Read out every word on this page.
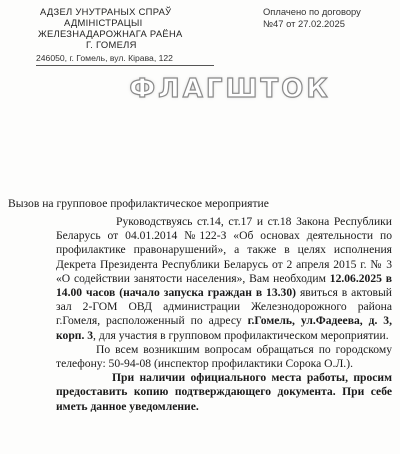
АДЗЕЛ УНУТРАНЫХ СПРАЎ
АДМІНІСТРАЦЫІ
ЖЕЛЕЗНАДАРОЖНАГА РАЁНА
Г. ГОМЕЛЯ
246050, г. Гомель, вул. Кірава, 122
Оплачено по договору
№47 от 27.02.2025
ФЛАГШТОК
Вызов на групповое профилактическое мероприятие

Руководствуясь ст.14, ст.17 и ст.18 Закона Республики Беларусь от 04.01.2014 №122-З «Об основах деятельности по профилактике правонарушений», а также в целях исполнения Декрета Президента Республики Беларусь от 2 апреля 2015 г. № 3 «О содействии занятости населения», Вам необходим 12.06.2025 в 14.00 часов (начало запуска граждан в 13.30) явиться в актовый зал 2-ГОМ ОВД администрации Железнодорожного района г.Гомеля, расположенный по адресу г.Гомель, ул.Фадеева, д. 3, корп. 3, для участия в групповом профилактическом мероприятии.

По всем возникшим вопросам обращаться по городскому телефону: 50-94-08 (инспектор профилактики Сорока О.Л.).

При наличии официального места работы, просим предоставить копию подтверждающего документа. При себе иметь данное уведомление.
